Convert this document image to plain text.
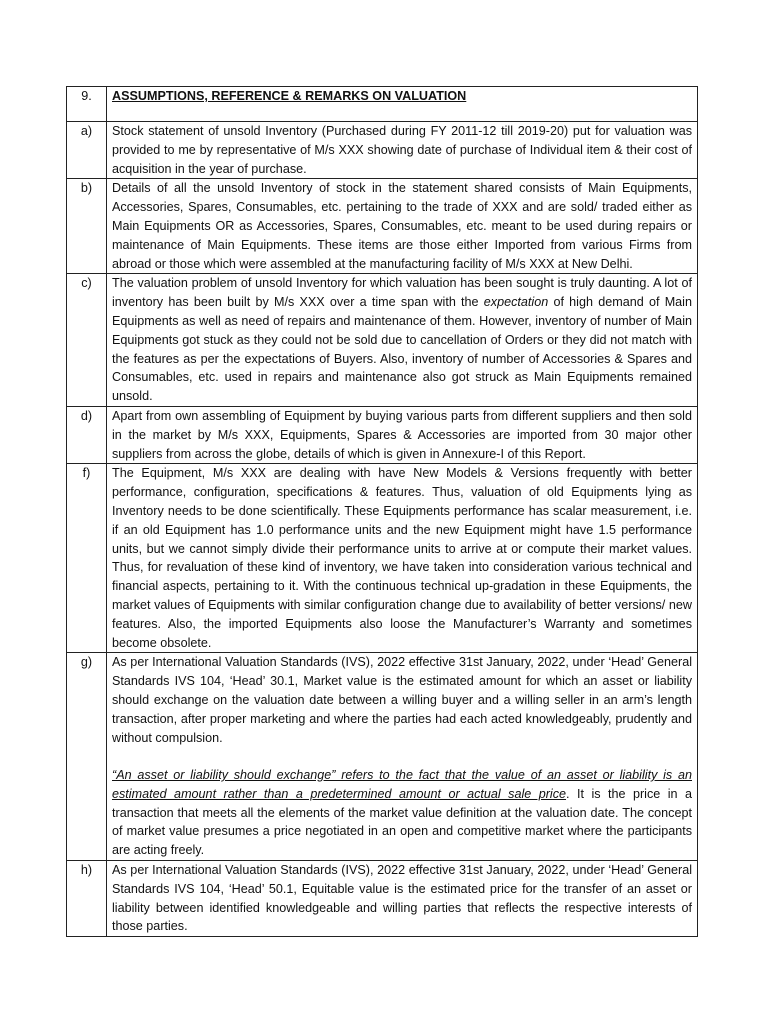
9.	ASSUMPTIONS, REFERENCE & REMARKS ON VALUATION
a)	Stock statement of unsold Inventory (Purchased during FY 2011-12 till 2019-20) put for valuation was provided to me by representative of M/s XXX showing date of purchase of Individual item & their cost of acquisition in the year of purchase.
b)	Details of all the unsold Inventory of stock in the statement shared consists of Main Equipments, Accessories, Spares, Consumables, etc. pertaining to the trade of XXX and are sold/ traded either as Main Equipments OR as Accessories, Spares, Consumables, etc. meant to be used during repairs or maintenance of Main Equipments. These items are those either Imported from various Firms from abroad or those which were assembled at the manufacturing facility of M/s XXX at New Delhi.
c)	The valuation problem of unsold Inventory for which valuation has been sought is truly daunting. A lot of inventory has been built by M/s XXX over a time span with the expectation of high demand of Main Equipments as well as need of repairs and maintenance of them. However, inventory of number of Main Equipments got stuck as they could not be sold due to cancellation of Orders or they did not match with the features as per the expectations of Buyers. Also, inventory of number of Accessories & Spares and Consumables, etc. used in repairs and maintenance also got struck as Main Equipments remained unsold.
d)	Apart from own assembling of Equipment by buying various parts from different suppliers and then sold in the market by M/s XXX, Equipments, Spares & Accessories are imported from 30 major other suppliers from across the globe, details of which is given in Annexure-I of this Report.
f)	The Equipment, M/s XXX are dealing with have New Models & Versions frequently with better performance, configuration, specifications & features. Thus, valuation of old Equipments lying as Inventory needs to be done scientifically. These Equipments performance has scalar measurement, i.e. if an old Equipment has 1.0 performance units and the new Equipment might have 1.5 performance units, but we cannot simply divide their performance units to arrive at or compute their market values. Thus, for revaluation of these kind of inventory, we have taken into consideration various technical and financial aspects, pertaining to it. With the continuous technical up-gradation in these Equipments, the market values of Equipments with similar configuration change due to availability of better versions/ new features. Also, the imported Equipments also loose the Manufacturer’s Warranty and sometimes become obsolete.
g)	As per International Valuation Standards (IVS), 2022 effective 31st January, 2022, under ‘Head’ General Standards IVS 104, ‘Head’ 30.1, Market value is the estimated amount for which an asset or liability should exchange on the valuation date between a willing buyer and a willing seller in an arm’s length transaction, after proper marketing and where the parties had each acted knowledgeably, prudently and without compulsion.
“An asset or liability should exchange” refers to the fact that the value of an asset or liability is an estimated amount rather than a predetermined amount or actual sale price. It is the price in a transaction that meets all the elements of the market value definition at the valuation date. The concept of market value presumes a price negotiated in an open and competitive market where the participants are acting freely.

h)	As per International Valuation Standards (IVS), 2022 effective 31st January, 2022, under ‘Head’ General Standards IVS 104, ‘Head’ 50.1, Equitable value is the estimated price for the transfer of an asset or liability between identified knowledgeable and willing parties that reflects the respective interests of those parties.
